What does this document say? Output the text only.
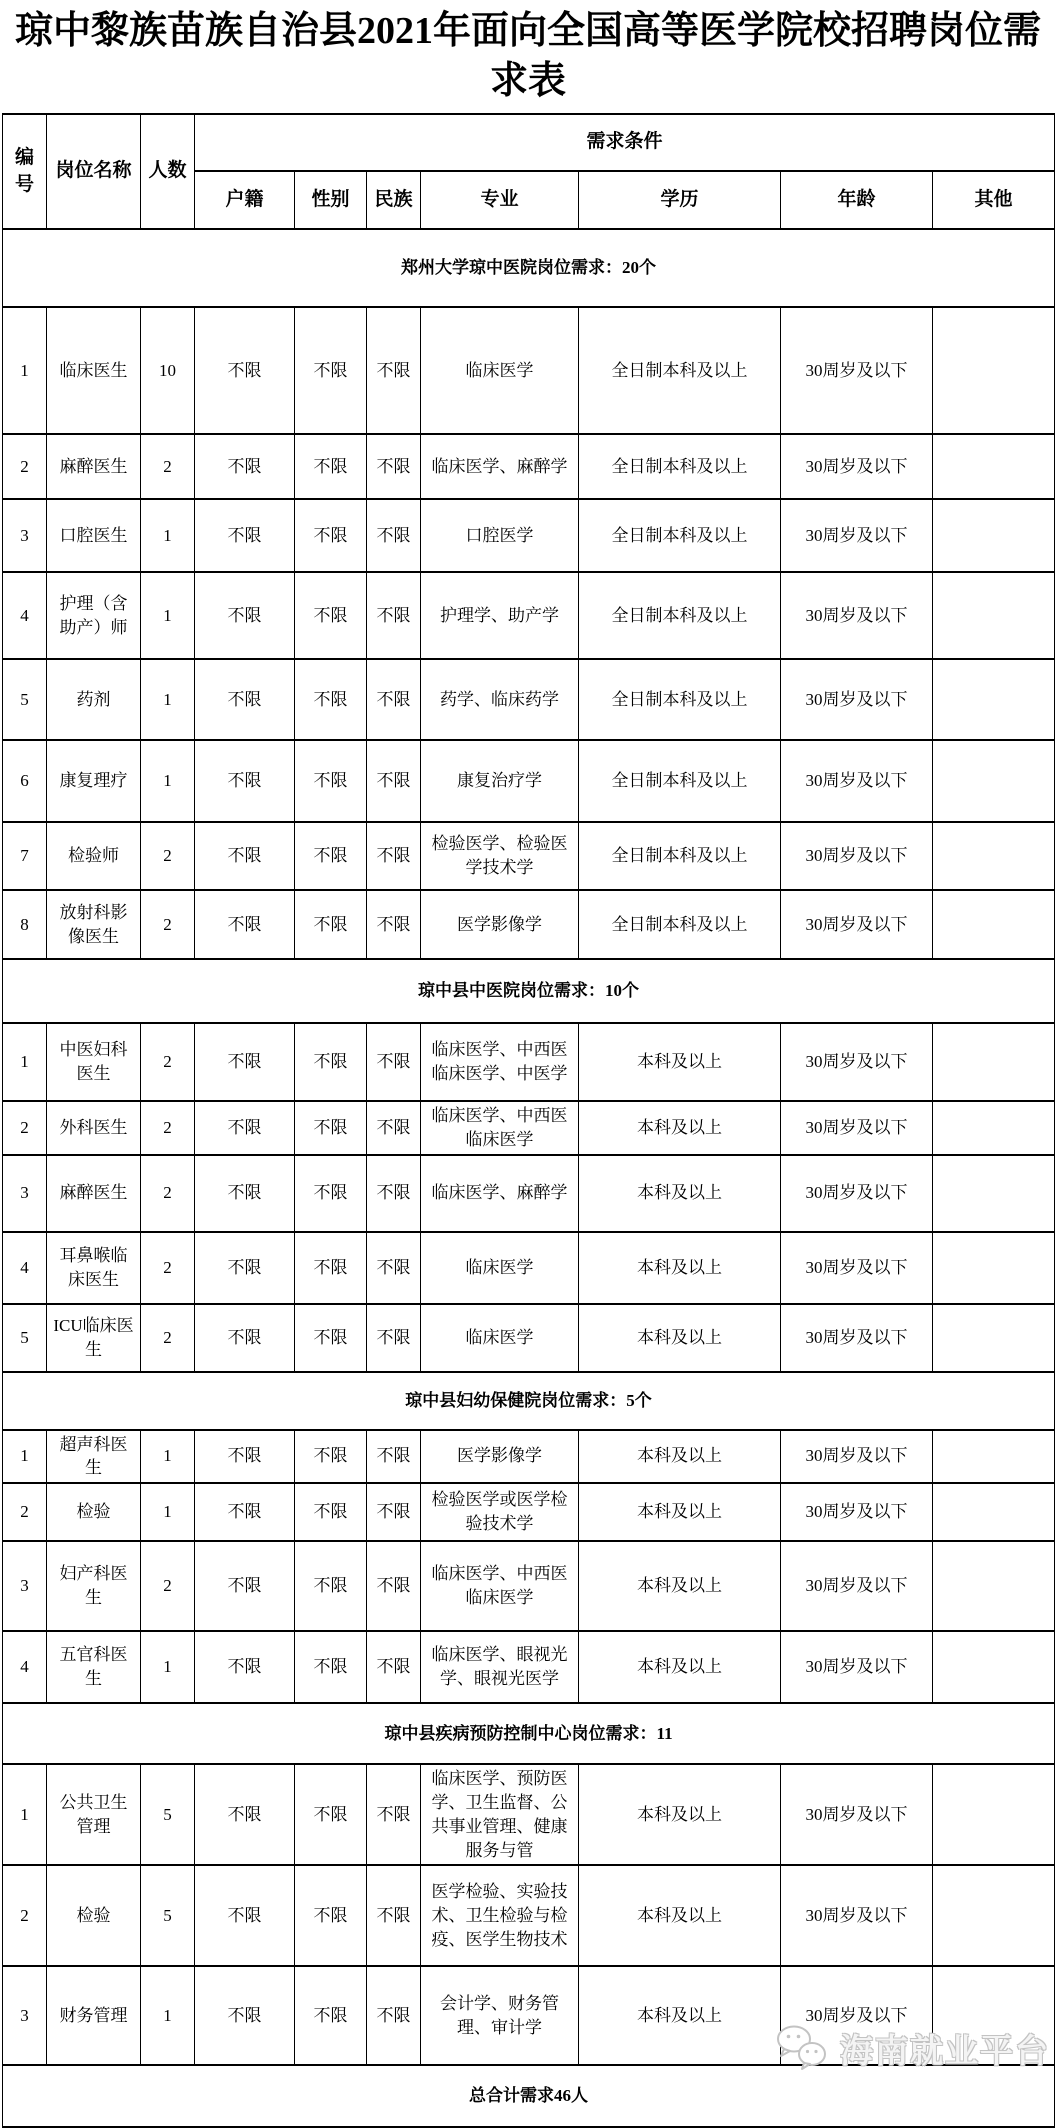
琼中黎族苗族自治县2021年面向全国高等医学院校招聘岗位需求表
编号	岗位名称	人数	需求条件						
			户籍	性别	民族	专业	学历	年龄	其他
郑州大学琼中医院岗位需求：20个									
1	临床医生	10	不限	不限	不限	临床医学	全日制本科及以上	30周岁及以下	
2	麻醉医生	2	不限	不限	不限	临床医学、麻醉学	全日制本科及以上	30周岁及以下	
3	口腔医生	1	不限	不限	不限	口腔医学	全日制本科及以上	30周岁及以下	
4	护理（含助产）师	1	不限	不限	不限	护理学、助产学	全日制本科及以上	30周岁及以下	
5	药剂	1	不限	不限	不限	药学、临床药学	全日制本科及以上	30周岁及以下	
6	康复理疗	1	不限	不限	不限	康复治疗学	全日制本科及以上	30周岁及以下	
7	检验师	2	不限	不限	不限	检验医学、检验医学技术学	全日制本科及以上	30周岁及以下	
8	放射科影像医生	2	不限	不限	不限	医学影像学	全日制本科及以上	30周岁及以下	
琼中县中医院岗位需求：10个									
1	中医妇科医生	2	不限	不限	不限	临床医学、中西医临床医学、中医学	本科及以上	30周岁及以下	
2	外科医生	2	不限	不限	不限	临床医学、中西医临床医学	本科及以上	30周岁及以下	
3	麻醉医生	2	不限	不限	不限	临床医学、麻醉学	本科及以上	30周岁及以下	
4	耳鼻喉临床医生	2	不限	不限	不限	临床医学	本科及以上	30周岁及以下	
5	ICU临床医生	2	不限	不限	不限	临床医学	本科及以上	30周岁及以下	
琼中县妇幼保健院岗位需求：5个									
1	超声科医生	1	不限	不限	不限	医学影像学	本科及以上	30周岁及以下	
2	检验	1	不限	不限	不限	检验医学或医学检验技术学	本科及以上	30周岁及以下	
3	妇产科医生	2	不限	不限	不限	临床医学、中西医临床医学	本科及以上	30周岁及以下	
4	五官科医生	1	不限	不限	不限	临床医学、眼视光学、眼视光医学	本科及以上	30周岁及以下	
琼中县疾病预防控制中心岗位需求：11									
1	公共卫生管理	5	不限	不限	不限	临床医学、预防医学、卫生监督、公共事业管理、健康服务与管	本科及以上	30周岁及以下	
2	检验	5	不限	不限	不限	医学检验、实验技术、卫生检验与检疫、医学生物技术	本科及以上	30周岁及以下	
3	财务管理	1	不限	不限	不限	会计学、财务管理、审计学	本科及以上	30周岁及以下	
总合计需求46人									
海南就业平台
